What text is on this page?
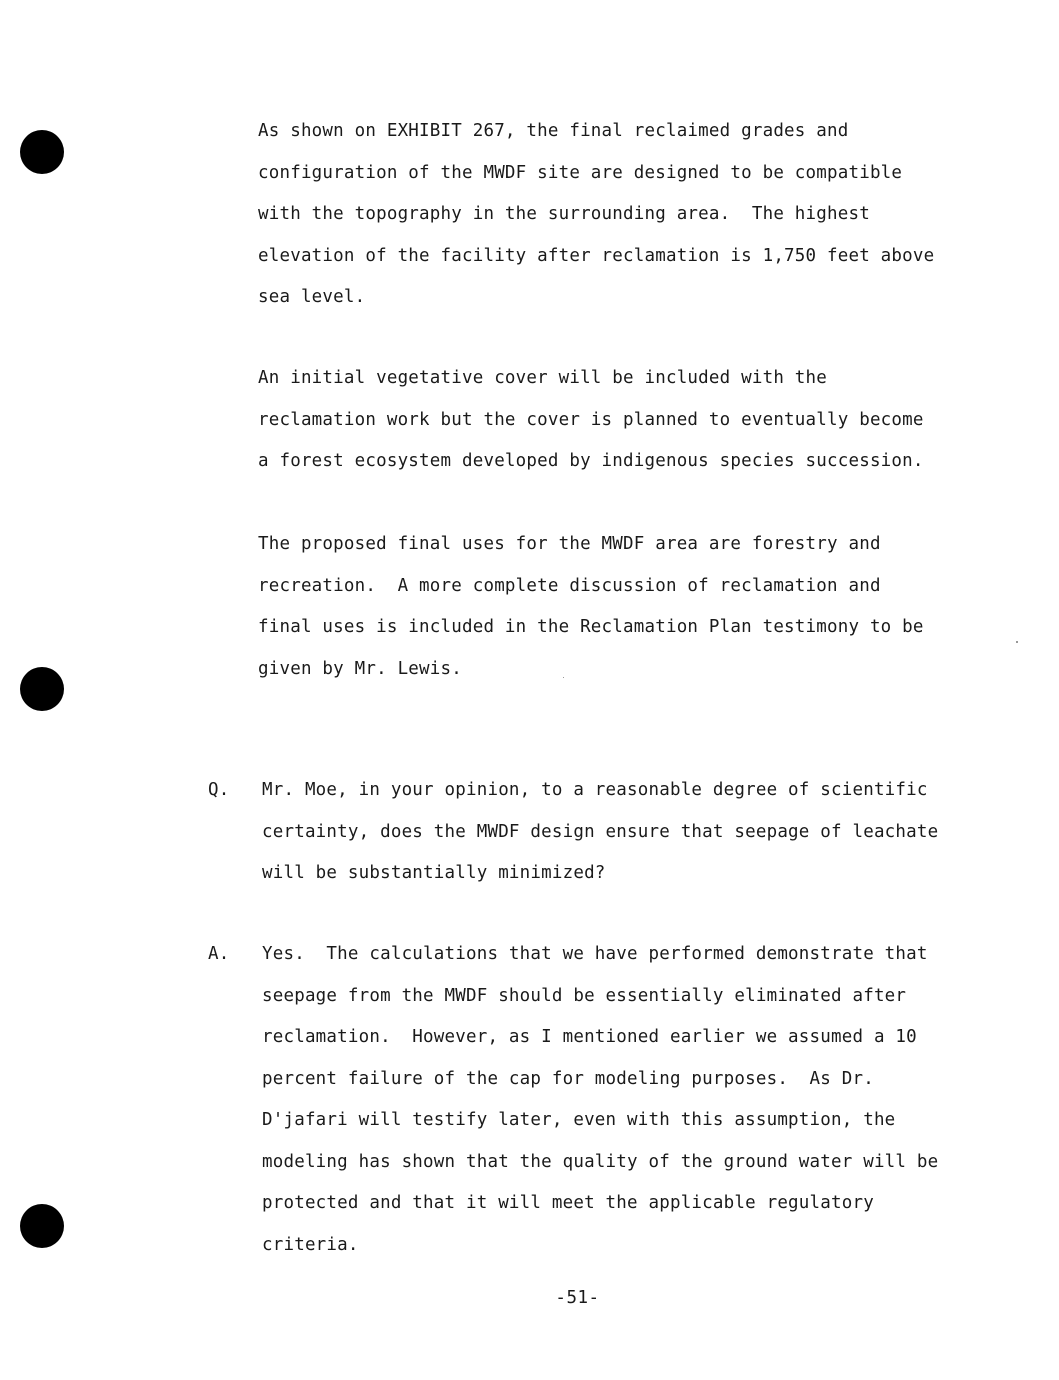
As shown on EXHIBIT 267, the final reclaimed grades and
configuration of the MWDF site are designed to be compatible
with the topography in the surrounding area.  The highest
elevation of the facility after reclamation is 1,750 feet above
sea level.
An initial vegetative cover will be included with the
reclamation work but the cover is planned to eventually become
a forest ecosystem developed by indigenous species succession.
The proposed final uses for the MWDF area are forestry and
recreation.  A more complete discussion of reclamation and
final uses is included in the Reclamation Plan testimony to be
given by Mr. Lewis.
Q. Mr. Moe, in your opinion, to a reasonable degree of scientific
certainty, does the MWDF design ensure that seepage of leachate
will be substantially minimized?
A. Yes.  The calculations that we have performed demonstrate that
seepage from the MWDF should be essentially eliminated after
reclamation.  However, as I mentioned earlier we assumed a 10
percent failure of the cap for modeling purposes.  As Dr.
D'jafari will testify later, even with this assumption, the
modeling has shown that the quality of the ground water will be
protected and that it will meet the applicable regulatory
criteria.
-51-
